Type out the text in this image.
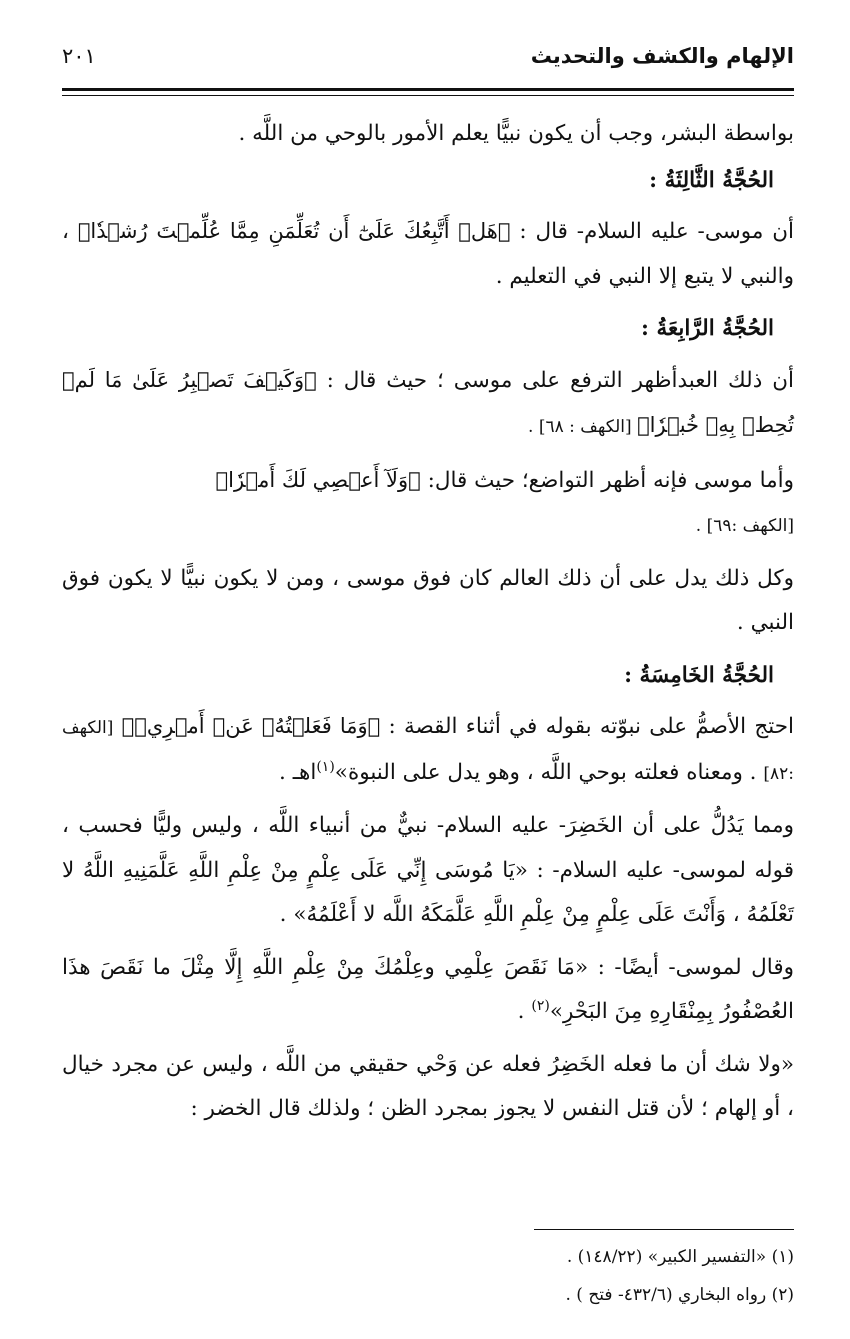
الإلهام والكشف والتحديث
٢٠١

بواسطة البشر، وجب أن يكون نبيًّا يعلم الأمور بالوحي من اللَّه .

الحُجَّةُ الثَّالِثَةُ :

أن موسى- عليه السلام- قال : ﴿هَلۡ أَتَّبِعُكَ عَلَىٰٓ أَن تُعَلِّمَنِ مِمَّا عُلِّمۡتَ رُشۡدٗا﴾ ، والنبي لا يتبع إلا النبي في التعليم .

الحُجَّةُ الرَّابِعَةُ :

أن ذلك العبدأظهر الترفع على موسى ؛ حيث قال : ﴿وَكَيۡفَ تَصۡبِرُ عَلَىٰ مَا لَمۡ تُحِطۡ بِهِۦ خُبۡرٗا﴾ [الكهف : ٦٨] .

وأما موسى فإنه أظهر التواضع؛ حيث قال: ﴿وَلَآ أَعۡصِي لَكَ أَمۡرٗا﴾
[الكهف :٦٩] .

وكل ذلك يدل على أن ذلك العالم كان فوق موسى ، ومن لا يكون نبيًّا لا يكون فوق النبي .

الحُجَّةُ الخَامِسَةُ :

احتج الأصمُّ على نبوّته بقوله في أثناء القصة : ﴿وَمَا فَعَلۡتُهُۥ عَنۡ أَمۡرِيۚ﴾ [الكهف :٨٢] . ومعناه فعلته بوحي اللَّه ، وهو يدل على النبوة»$^{(١)}$اهـ .

ومما يَدُلُّ على أن الخَضِرَ- عليه السلام- نبيٌّ من أنبياء اللَّه ، وليس وليًّا فحسب ، قوله لموسى- عليه السلام- : «يَا مُوسَى إِنِّي عَلَى عِلْمٍ مِنْ عِلْمِ اللَّهِ عَلَّمَنِيهِ اللَّهُ لا تَعْلَمُهُ ، وَأَنْتَ عَلَى عِلْمٍ مِنْ عِلْمِ اللَّهِ عَلَّمَكَهُ اللَّه لا أَعْلَمُهُ» .

وقال لموسى- أيضًا- : «مَا نَقَصَ عِلْمِي وعِلْمُكَ مِنْ عِلْمِ اللَّهِ إِلَّا مِثْلَ ما نَقَصَ هذَا العُصْفُورُ بِمِنْقَارِهِ مِنَ البَحْرِ»$^{(٢)}$ .

«ولا شك أن ما فعله الخَضِرُ فعله عن وَحْي حقيقي من اللَّه ، وليس عن مجرد خيال ، أو إلهام ؛ لأن قتل النفس لا يجوز بمجرد الظن ؛ ولذلك قال الخضر :

(١) «التفسير الكبير» (١٤٨/٢٢) .
(٢) رواه البخاري (٤٣٢/٦- فتح ) .
